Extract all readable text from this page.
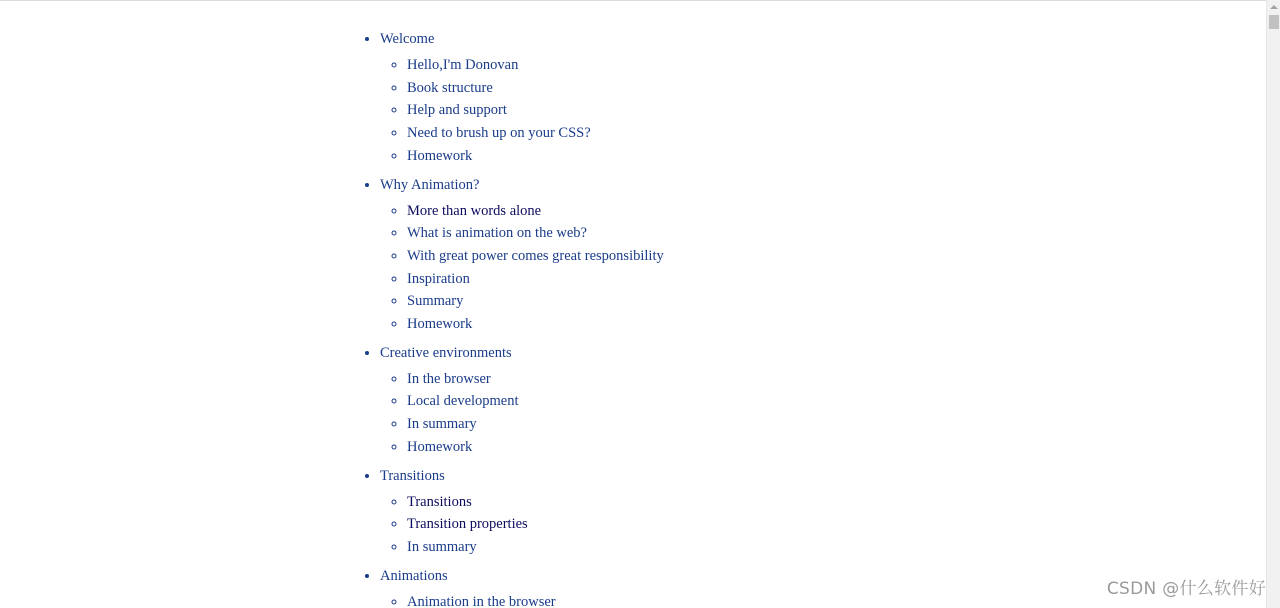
• Welcome
◦ Hello,I'm Donovan
◦ Book structure
◦ Help and support
◦ Need to brush up on your CSS?
◦ Homework
• Why Animation?
◦ More than words alone
◦ What is animation on the web?
◦ With great power comes great responsibility
◦ Inspiration
◦ Summary
◦ Homework
• Creative environments
◦ In the browser
◦ Local development
◦ In summary
◦ Homework
• Transitions
◦ Transitions
◦ Transition properties
◦ In summary
• Animations
◦ Animation in the browser
CSDN @什么软件好
